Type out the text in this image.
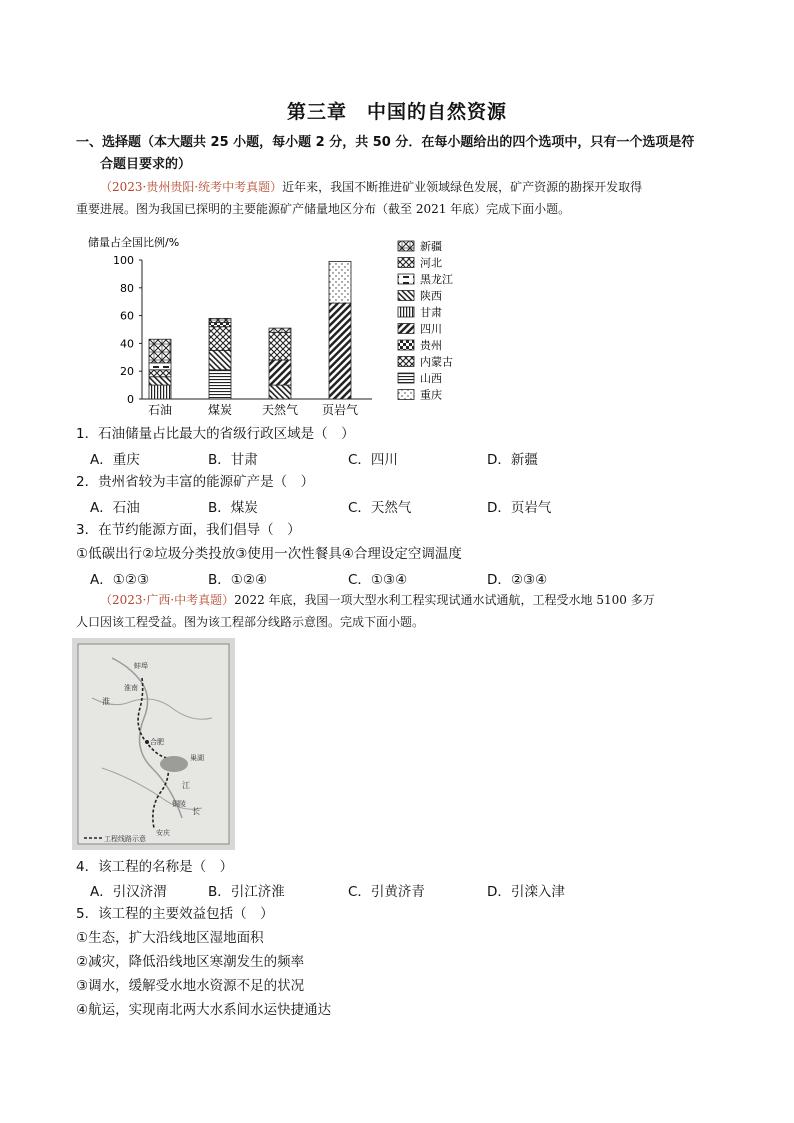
第三章　中国的自然资源
一、选择题（本大题共 25 小题，每小题 2 分，共 50 分．在每小题给出的四个选项中，只有一个选项是符
合题目要求的）
（2023·贵州贵阳·统考中考真题）近年来，我国不断推进矿业领域绿色发展，矿产资源的勘探开发取得
重要进展。图为我国已探明的主要能源矿产储量地区分布（截至 2021 年底）完成下面小题。
储量占全国比例/%
0
20
40
60
80
100
石油	煤炭 天然气 页岩气
新疆
河北
黑龙江
陕西
甘肃
四川
贵州
内蒙古
山西
重庆
1．石油储量占比最大的省级行政区域是（　）
A．重庆	B．甘肃	C．四川	D．新疆
2．贵州省较为丰富的能源矿产是（　）
A．石油	B．煤炭	C．天然气	D．页岩气
3．在节约能源方面，我们倡导（　）
①低碳出行②垃圾分类投放③使用一次性餐具④合理设定空调温度
A．①②③	B．①②④	C．①③④	D．②③④
（2023·广西·中考真题）2022 年底，我国一项大型水利工程实现试通水试通航，工程受水地 5100 多万
人口因该工程受益。图为该工程部分线路示意图。完成下面小题。
合肥
蚌埠
淮南
淮
巢湖
长
江
铜陵
安庆
工程线路示意
4．该工程的名称是（　）
A．引汉济渭	B．引江济淮	C．引黄济青	D．引滦入津
5．该工程的主要效益包括（　）
①生态，扩大沿线地区湿地面积
②减灾，降低沿线地区寒潮发生的频率
③调水，缓解受水地水资源不足的状况
④航运，实现南北两大水系间水运快捷通达
